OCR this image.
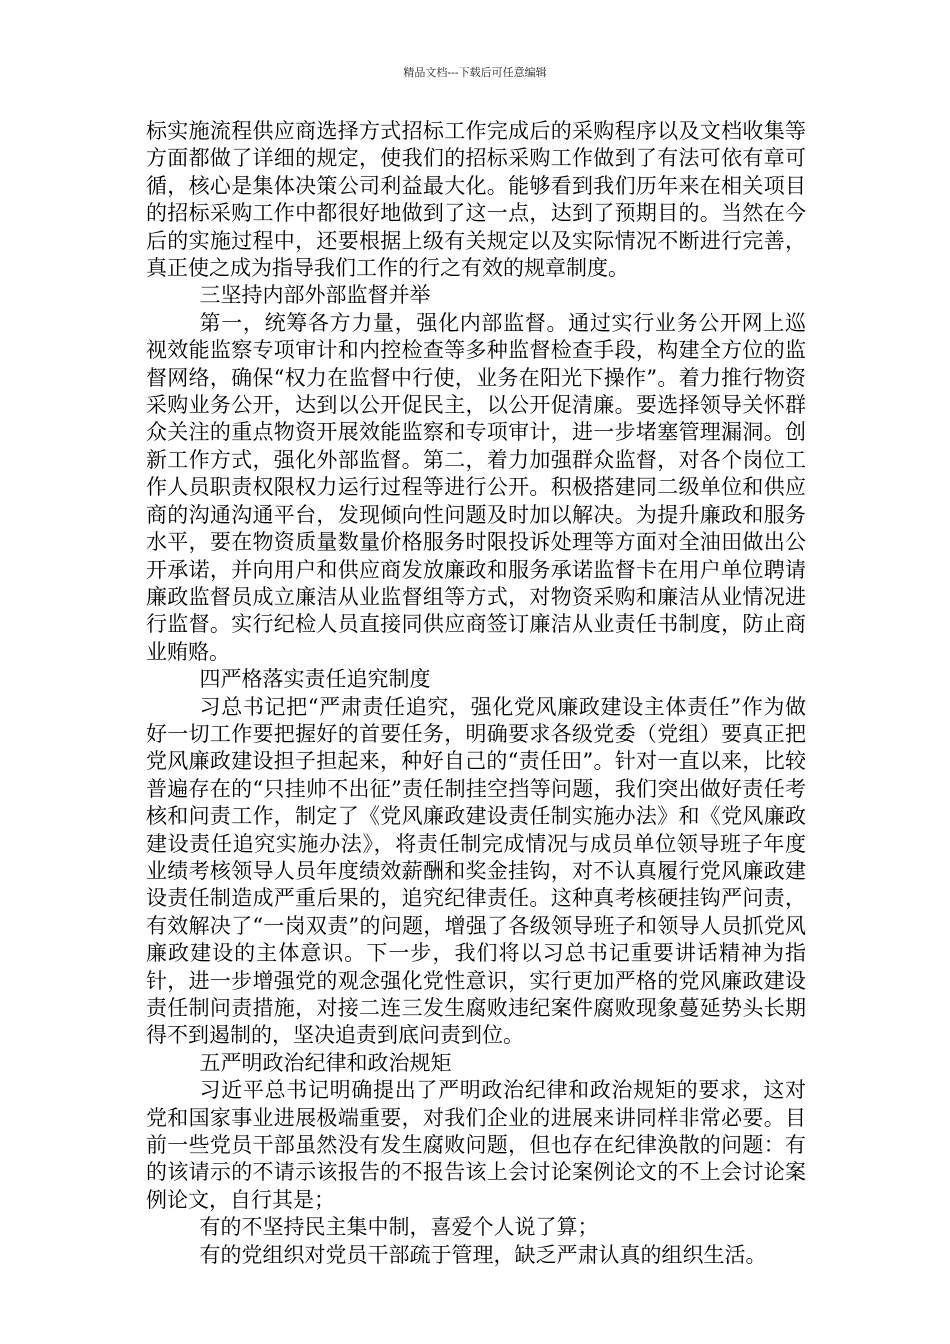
精品文档---下载后可任意编辑

标实施流程供应商选择方式招标工作完成后的采购程序以及文档收集等方面都做了详细的规定，使我们的招标采购工作做到了有法可依有章可循，核心是集体决策公司利益最大化。能够看到我们历年来在相关项目的招标采购工作中都很好地做到了这一点，达到了预期目的。当然在今后的实施过程中，还要根据上级有关规定以及实际情况不断进行完善，真正使之成为指导我们工作的行之有效的规章制度。

三坚持内部外部监督并举

第一，统筹各方力量，强化内部监督。通过实行业务公开网上巡视效能监察专项审计和内控检查等多种监督检查手段，构建全方位的监督网络，确保“权力在监督中行使，业务在阳光下操作”。着力推行物资采购业务公开，达到以公开促民主，以公开促清廉。要选择领导关怀群众关注的重点物资开展效能监察和专项审计，进一步堵塞管理漏洞。创新工作方式，强化外部监督。第二，着力加强群众监督，对各个岗位工作人员职责权限权力运行过程等进行公开。积极搭建同二级单位和供应商的沟通沟通平台，发现倾向性问题及时加以解决。为提升廉政和服务水平，要在物资质量数量价格服务时限投诉处理等方面对全油田做出公开承诺，并向用户和供应商发放廉政和服务承诺监督卡在用户单位聘请廉政监督员成立廉洁从业监督组等方式，对物资采购和廉洁从业情况进行监督。实行纪检人员直接同供应商签订廉洁从业责任书制度，防止商业贿赂。

四严格落实责任追究制度

习总书记把“严肃责任追究，强化党风廉政建设主体责任”作为做好一切工作要把握好的首要任务，明确要求各级党委（党组）要真正把党风廉政建设担子担起来，种好自己的“责任田”。针对一直以来，比较普遍存在的“只挂帅不出征”责任制挂空挡等问题，我们突出做好责任考核和问责工作，制定了《党风廉政建设责任制实施办法》和《党风廉政建设责任追究实施办法》，将责任制完成情况与成员单位领导班子年度业绩考核领导人员年度绩效薪酬和奖金挂钩，对不认真履行党风廉政建设责任制造成严重后果的，追究纪律责任。这种真考核硬挂钩严问责，有效解决了“一岗双责”的问题，增强了各级领导班子和领导人员抓党风廉政建设的主体意识。下一步，我们将以习总书记重要讲话精神为指针，进一步增强党的观念强化党性意识，实行更加严格的党风廉政建设责任制问责措施，对接二连三发生腐败违纪案件腐败现象蔓延势头长期得不到遏制的，坚决追责到底问责到位。

五严明政治纪律和政治规矩

习近平总书记明确提出了严明政治纪律和政治规矩的要求，这对党和国家事业进展极端重要，对我们企业的进展来讲同样非常必要。目前一些党员干部虽然没有发生腐败问题，但也存在纪律涣散的问题：有的该请示的不请示该报告的不报告该上会讨论案例论文的不上会讨论案例论文，自行其是；

有的不坚持民主集中制，喜爱个人说了算；

有的党组织对党员干部疏于管理，缺乏严肃认真的组织生活。
